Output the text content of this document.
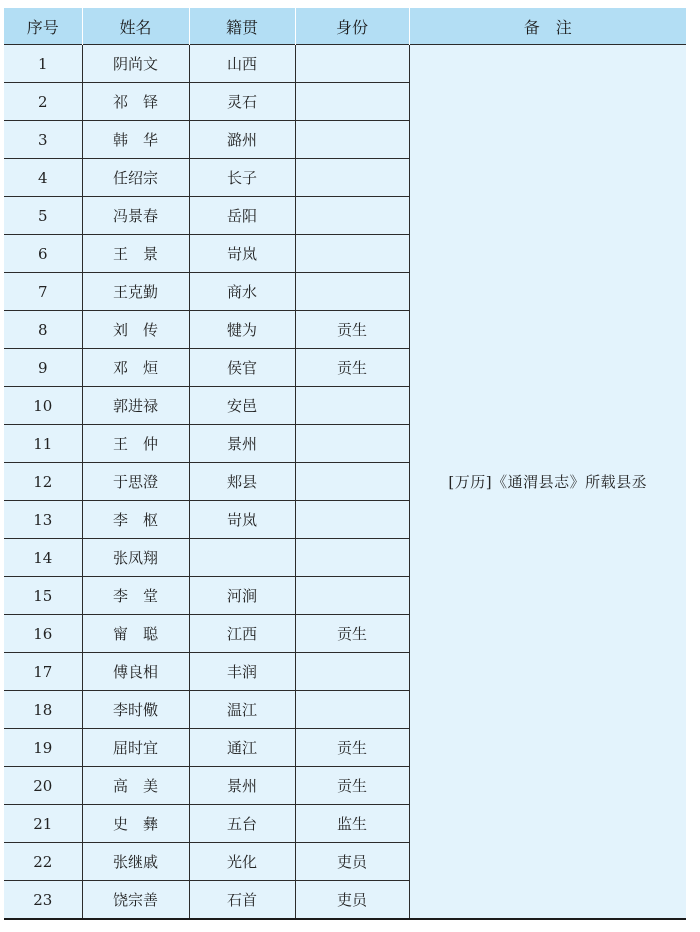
序号	姓名	籍贯	身份	备　注
1	阴尚文	山西		[万历]《通渭县志》所载县丞
2	祁　铎	灵石		
3	韩　华	潞州		
4	任绍宗	长子		
5	冯景春	岳阳		
6	王　景	岢岚		
7	王克勤	商水		
8	刘　传	犍为	贡生	
9	邓　烜	侯官	贡生	
10	郭进禄	安邑		
11	王　仲	景州		
12	于思澄	郏县		
13	李　枢	岢岚		
14	张凤翔			
15	李　堂	河涧		
16	甯　聪	江西	贡生	
17	傅良相	丰润		
18	李时儆	温江		
19	屈时宜	通江	贡生	
20	高　美	景州	贡生	
21	史　彝	五台	监生	
22	张继戚	光化	吏员	
23	饶宗善	石首	吏员	
